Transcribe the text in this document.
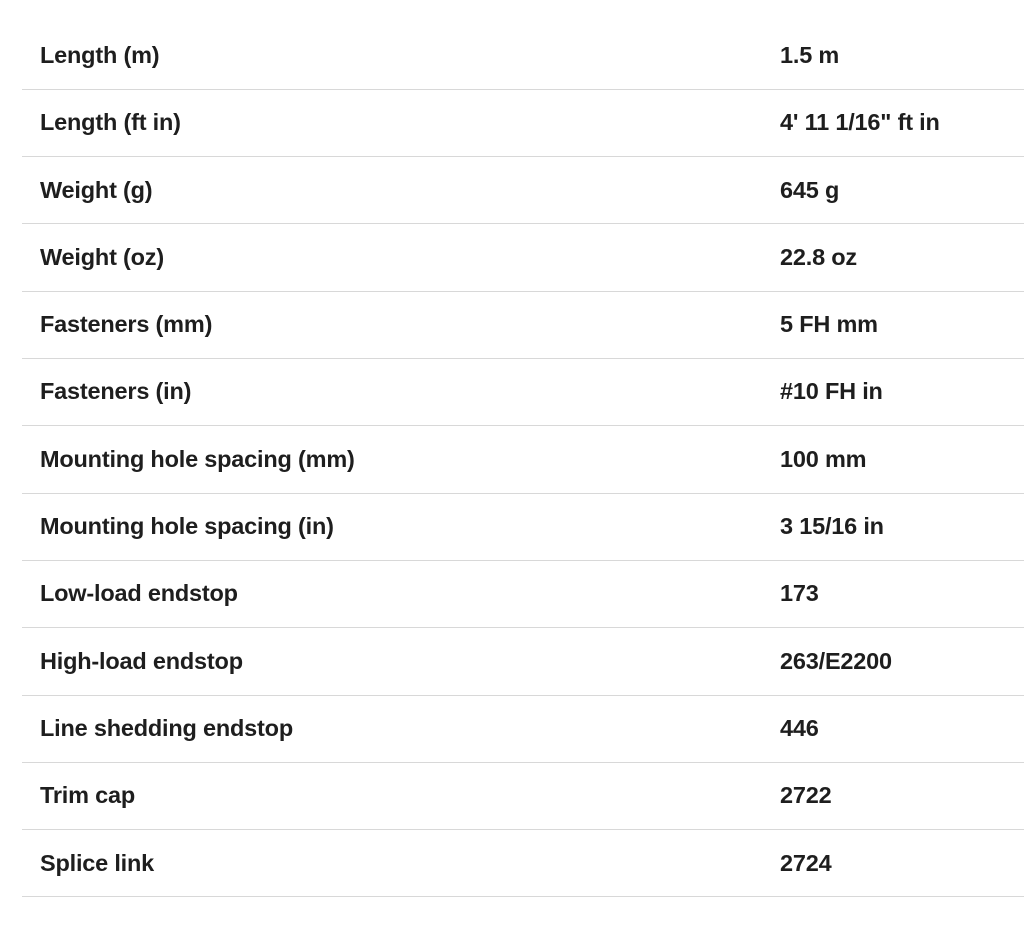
Length (m)	1.5 m
Length (ft in)	4' 11 1/16" ft in
Weight (g)	645 g
Weight (oz)	22.8 oz
Fasteners (mm)	5 FH mm
Fasteners (in)	#10 FH in
Mounting hole spacing (mm)	100 mm
Mounting hole spacing (in)	3 15/16 in
Low-load endstop	173
High-load endstop	263/E2200
Line shedding endstop	446
Trim cap	2722
Splice link	2724
